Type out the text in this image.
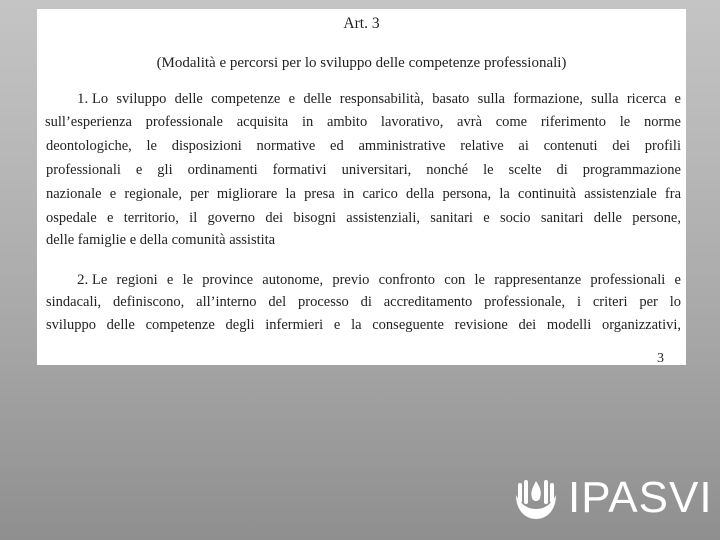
Art. 3
(Modalità e percorsi per lo sviluppo delle competenze professionali)
1. Lo sviluppo delle competenze e delle responsabilità, basato sulla formazione, sulla ricerca e
sull’esperienza professionale acquisita in ambito lavorativo, avrà come riferimento le norme
deontologiche, le disposizioni normative ed amministrative relative ai contenuti dei profili
professionali e gli ordinamenti formativi universitari, nonché le scelte di programmazione
nazionale e regionale, per migliorare la presa in carico della persona, la continuità assistenziale fra
ospedale e territorio, il governo dei bisogni assistenziali, sanitari e socio sanitari delle persone,
delle famiglie e della comunità assistita
2. Le regioni e le province autonome, previo confronto con le rappresentanze professionali e
sindacali, definiscono, all’interno del processo di accreditamento professionale, i criteri per lo
sviluppo delle competenze degli infermieri e la conseguente revisione dei modelli organizzativi,
3
IPASVI
